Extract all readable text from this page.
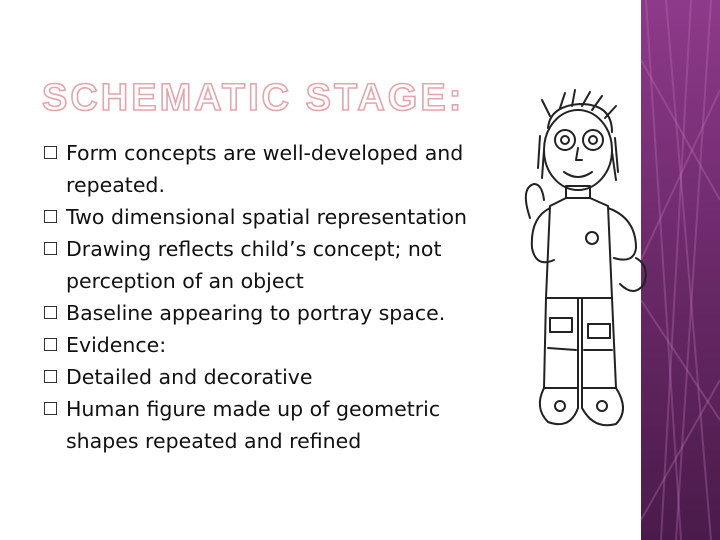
SCHEMATIC STAGE:
Form concepts are well-developed and
repeated.
Two dimensional spatial representation
Drawing reflects child’s concept; not
perception of an object
Baseline appearing to portray space.
Evidence:
Detailed and decorative
Human figure made up of geometric
shapes repeated and refined
